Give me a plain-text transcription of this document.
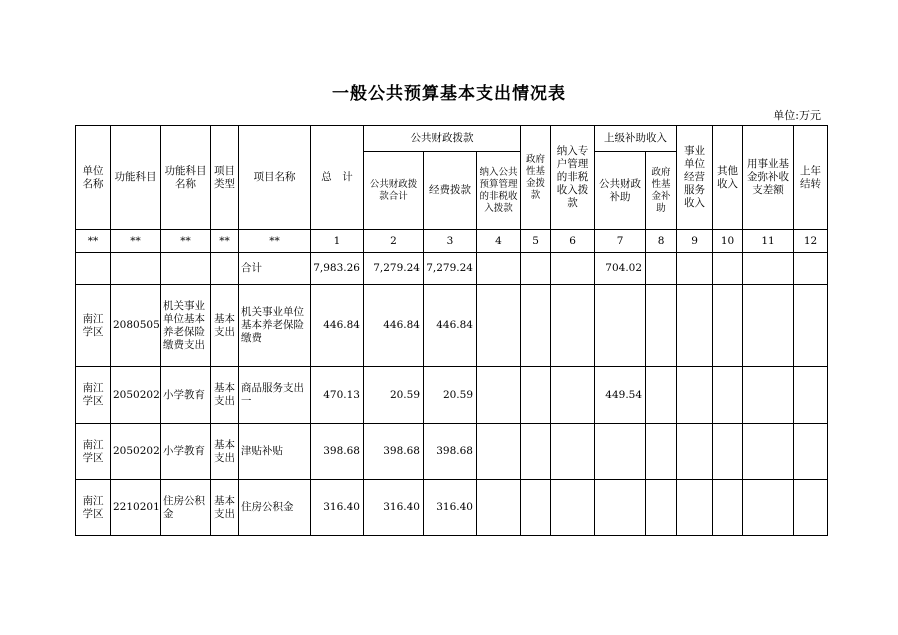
一般公共预算基本支出情况表
单位:万元
单位名称	功能科目	功能科目名称	项目类型	项目名称	总　计	公共财政拨款			政府性基金拨款	纳入专户管理的非税收入拨款	上级补助收入		事业单位经营服务收入	其他收入	用事业基金弥补收支差额	上年结转
						公共财政拨款合计	经费拨款	纳入公共预算管理的非税收入拨款			公共财政补助	政府性基金补助				
**	**	**	**	**	1	2	3	4	5	6	7	8	9	10	11	12
				合计	7,983.26	7,279.24	7,279.24				704.02					
南江学区	2080505	机关事业单位基本养老保险缴费支出	基本支出	机关事业单位基本养老保险缴费	446.84	446.84	446.84									
南江学区	2050202	小学教育	基本支出	商品服务支出一	470.13	20.59	20.59				449.54					
南江学区	2050202	小学教育	基本支出	津贴补贴	398.68	398.68	398.68									
南江学区	2210201	住房公积金	基本支出	住房公积金	316.40	316.40	316.40									
